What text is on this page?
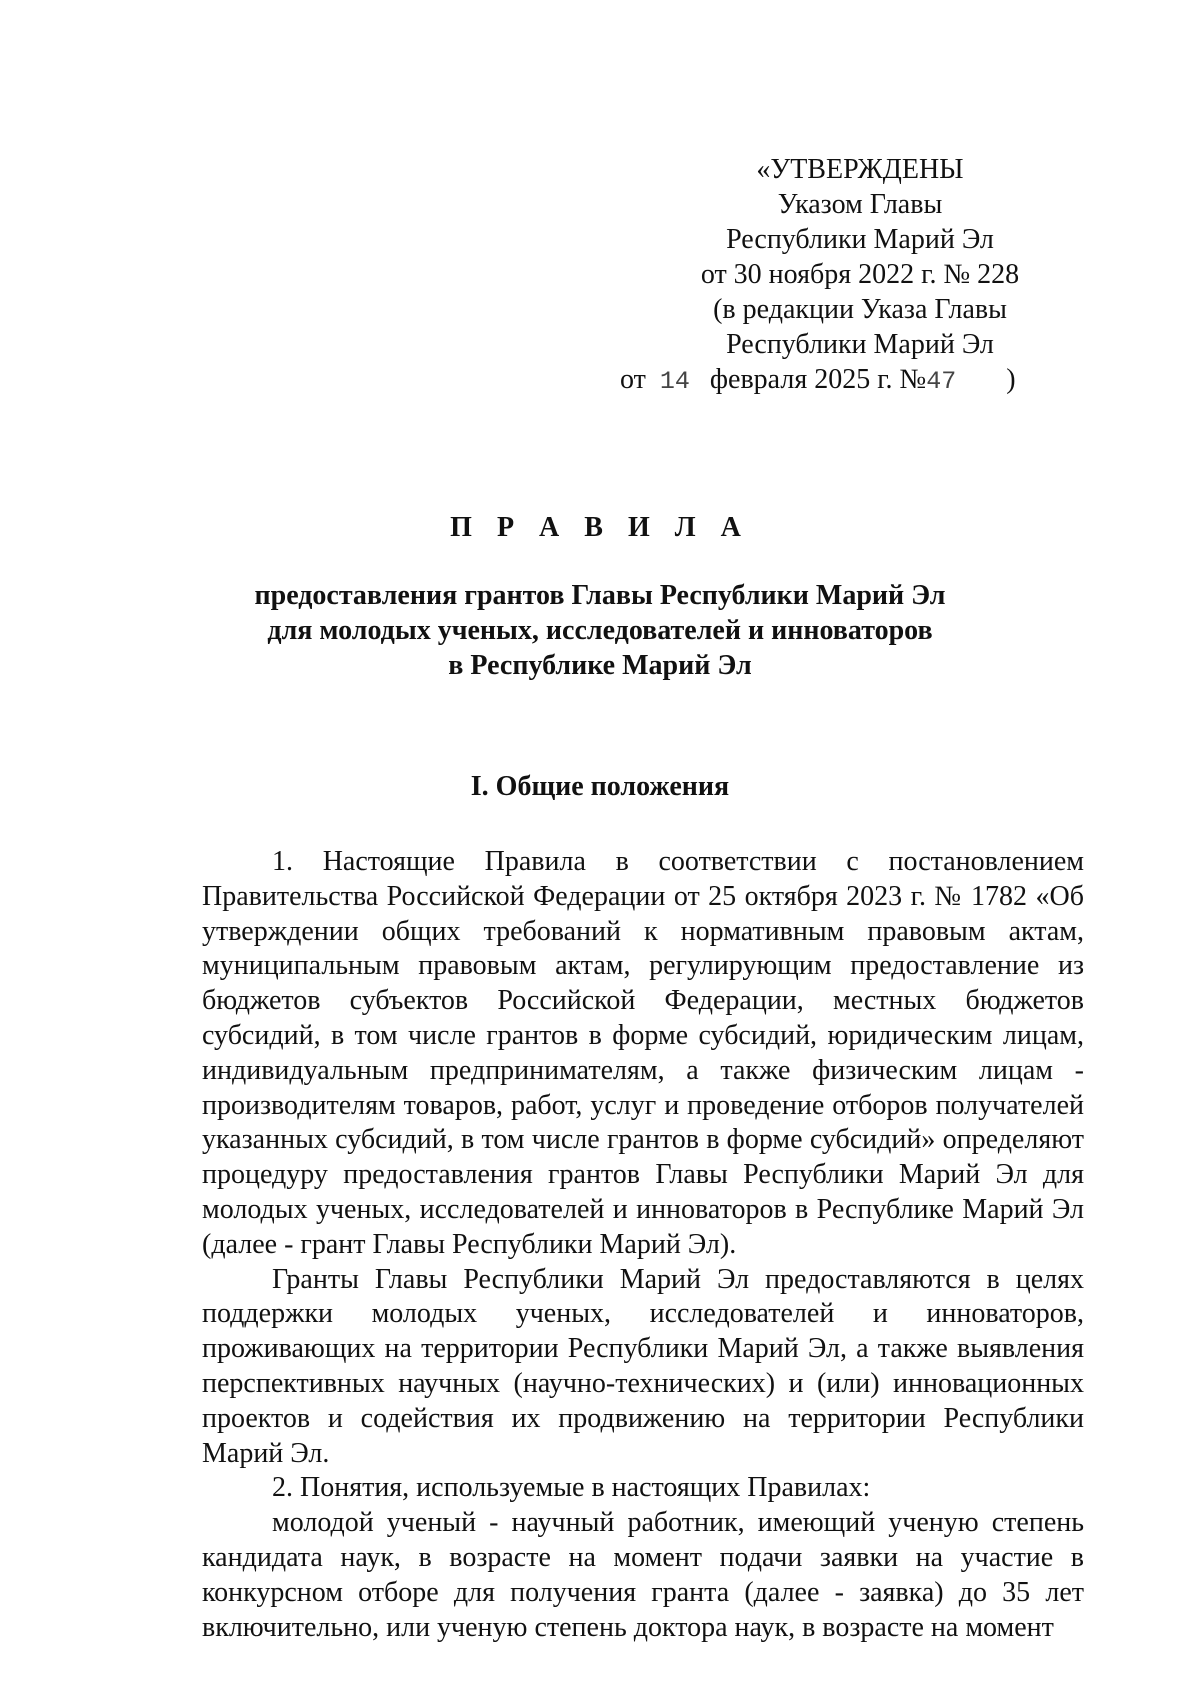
«УТВЕРЖДЕНЫ
Указом Главы
Республики Марий Эл
от 30 ноября 2022 г. № 228
(в редакции Указа Главы
Республики Марий Эл
от 14 февраля 2025 г. №47 )
П Р А В И Л А
предоставления грантов Главы Республики Марий Эл
для молодых ученых, исследователей и инноваторов
в Республике Марий Эл
I. Общие положения

1. Настоящие Правила в соответствии с постановлением Правительства Российской Федерации от 25 октября 2023 г. № 1782 «Об утверждении общих требований к нормативным правовым актам, муниципальным правовым актам, регулирующим предоставление из бюджетов субъектов Российской Федерации, местных бюджетов субсидий, в том числе грантов в форме субсидий, юридическим лицам, индивидуальным предпринимателям, а также физическим лицам - производителям товаров, работ, услуг и проведение отборов получателей указанных субсидий, в том числе грантов в форме субсидий» определяют процедуру предоставления грантов Главы Республики Марий Эл для молодых ученых, исследователей и инноваторов в Республике Марий Эл (далее - грант Главы Республики Марий Эл).

Гранты Главы Республики Марий Эл предоставляются в целях поддержки молодых ученых, исследователей и инноваторов, проживающих на территории Республики Марий Эл, а также выявления перспективных научных (научно-технических) и (или) инновационных проектов и содействия их продвижению на территории Республики Марий Эл.

2. Понятия, используемые в настоящих Правилах:

молодой ученый - научный работник, имеющий ученую степень кандидата наук, в возрасте на момент подачи заявки на участие в конкурсном отборе для получения гранта (далее - заявка) до 35 лет включительно, или ученую степень доктора наук, в возрасте на момент
